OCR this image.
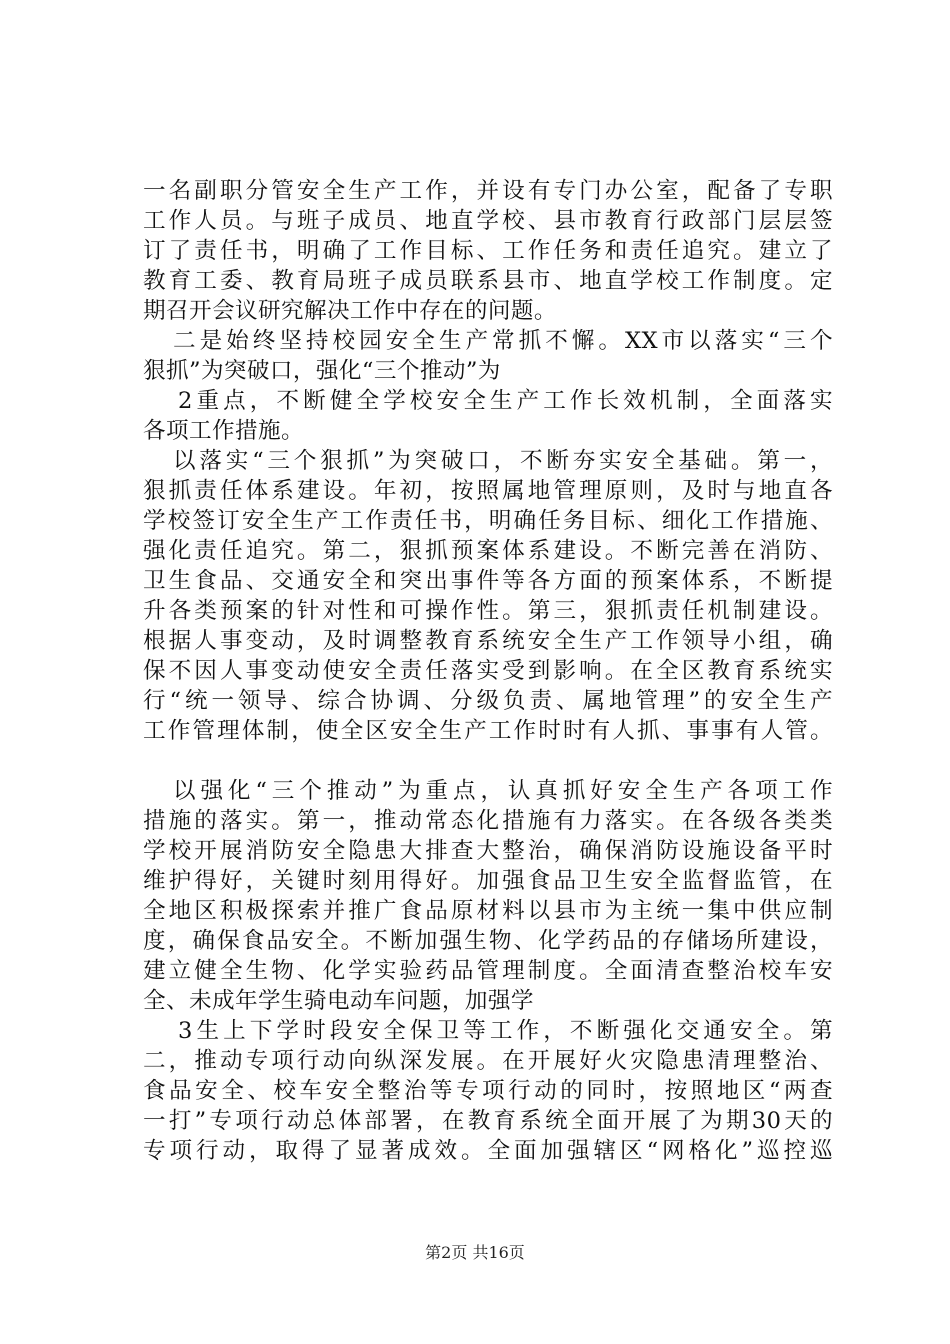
一名副职分管安全生产工作，并设有专门办公室，配备了专职
工作人员。与班子成员、地直学校、县市教育行政部门层层签
订了责任书，明确了工作目标、工作任务和责任追究。建立了
教育工委、教育局班子成员联系县市、地直学校工作制度。定
期召开会议研究解决工作中存在的问题。
二是始终坚持校园安全生产常抓不懈。XX市以落实“三个
狠抓”为突破口，强化“三个推动”为
2重点，不断健全学校安全生产工作长效机制，全面落实
各项工作措施。
以落实“三个狠抓”为突破口，不断夯实安全基础。第一，
狠抓责任体系建设。年初，按照属地管理原则，及时与地直各
学校签订安全生产工作责任书，明确任务目标、细化工作措施、
强化责任追究。第二，狠抓预案体系建设。不断完善在消防、
卫生食品、交通安全和突出事件等各方面的预案体系，不断提
升各类预案的针对性和可操作性。第三，狠抓责任机制建设。
根据人事变动，及时调整教育系统安全生产工作领导小组，确
保不因人事变动使安全责任落实受到影响。在全区教育系统实
行“统一领导、综合协调、分级负责、属地管理”的安全生产
工作管理体制，使全区安全生产工作时时有人抓、事事有人管。
以强化“三个推动”为重点，认真抓好安全生产各项工作
措施的落实。第一，推动常态化措施有力落实。在各级各类类
学校开展消防安全隐患大排查大整治，确保消防设施设备平时
维护得好，关键时刻用得好。加强食品卫生安全监督监管，在
全地区积极探索并推广食品原材料以县市为主统一集中供应制
度，确保食品安全。不断加强生物、化学药品的存储场所建设，
建立健全生物、化学实验药品管理制度。全面清查整治校车安
全、未成年学生骑电动车问题，加强学
3生上下学时段安全保卫等工作，不断强化交通安全。第
二，推动专项行动向纵深发展。在开展好火灾隐患清理整治、
食品安全、校车安全整治等专项行动的同时，按照地区“两查
一打”专项行动总体部署，在教育系统全面开展了为期30天的
专项行动，取得了显著成效。全面加强辖区“网格化”巡控巡
第2页 共16页
